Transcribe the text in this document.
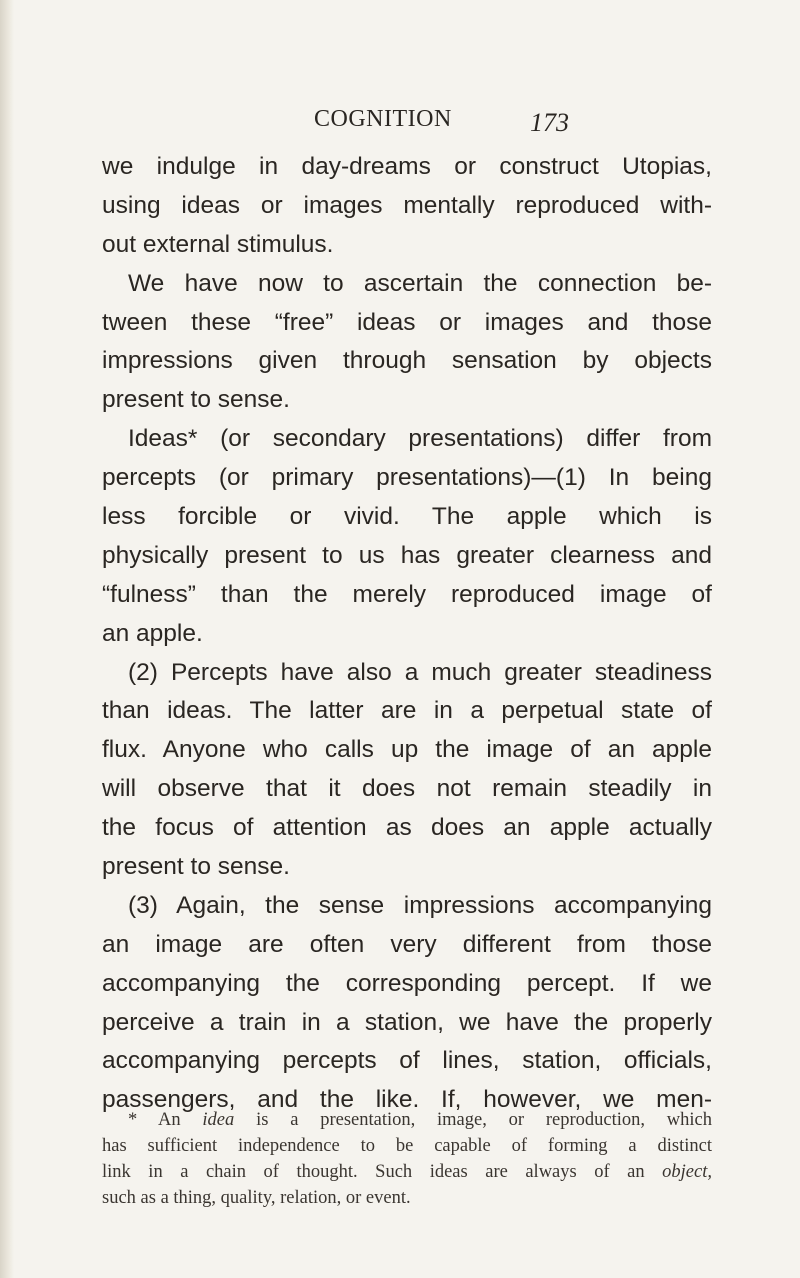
COGNITION	173
we indulge in day-dreams or construct Utopias,
using ideas or images mentally reproduced with-
out external stimulus.
We have now to ascertain the connection be-
tween these “free” ideas or images and those
impressions given through sensation by objects
present to sense.
Ideas* (or secondary presentations) differ from
percepts (or primary presentations)—(1) In being
less forcible or vivid. The apple which is
physically present to us has greater clearness and
“fulness” than the merely reproduced image of
an apple.
(2) Percepts have also a much greater steadiness
than ideas. The latter are in a perpetual state of
flux. Anyone who calls up the image of an apple
will observe that it does not remain steadily in
the focus of attention as does an apple actually
present to sense.
(3) Again, the sense impressions accompanying
an image are often very different from those
accompanying the corresponding percept. If we
perceive a train in a station, we have the properly
accompanying percepts of lines, station, officials,
passengers, and the like. If, however, we men-
* An idea is a presentation, image, or reproduction, which
has sufficient independence to be capable of forming a distinct
link in a chain of thought. Such ideas are always of an object,
such as a thing, quality, relation, or event.
